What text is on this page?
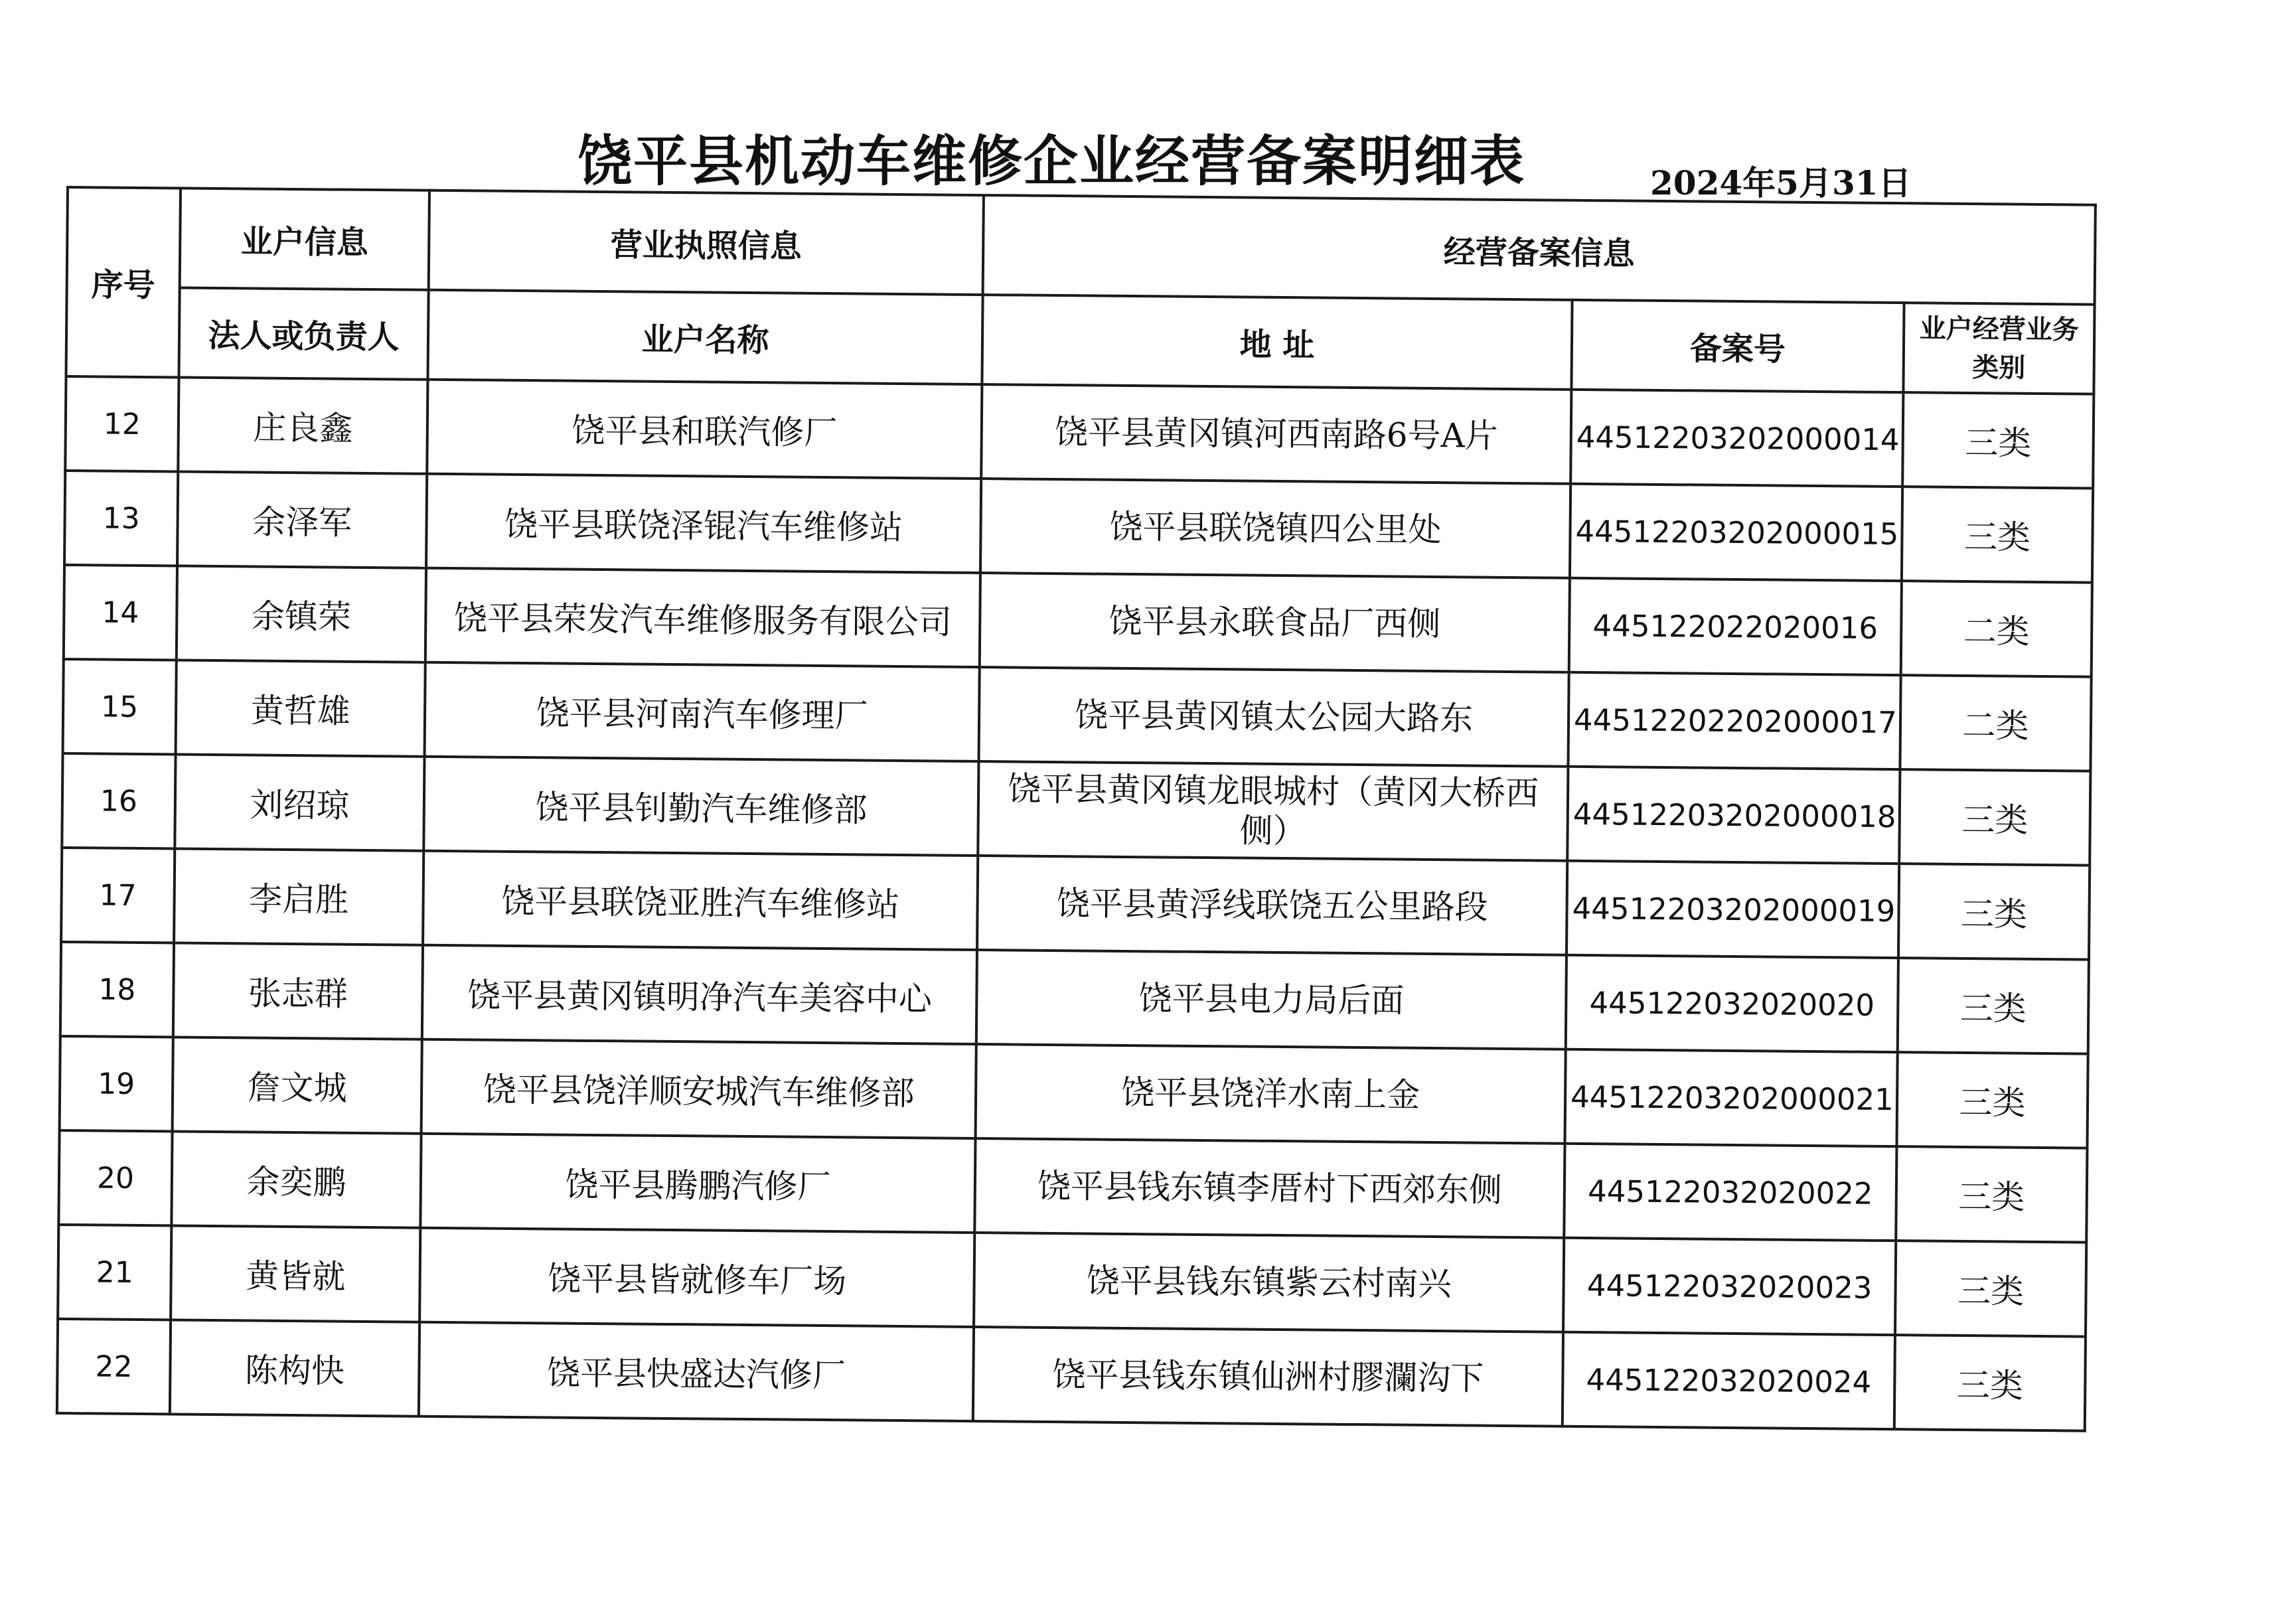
饶平县机动车维修企业经营备案明细表	2024年5月31日
序号	业户信息	营业执照信息	经营备案信息		
	法人或负责人	业户名称	地 址	备案号	业户经营业务类别
12	庄良鑫	饶平县和联汽修厂	饶平县黄冈镇河西南路6号A片	44512203202000014	三类
13	余泽军	饶平县联饶泽锟汽车维修站	饶平县联饶镇四公里处	44512203202000015	三类
14	余镇荣	饶平县荣发汽车维修服务有限公司	饶平县永联食品厂西侧	445122022020016	二类
15	黄哲雄	饶平县河南汽车修理厂	饶平县黄冈镇太公园大路东	44512202202000017	二类
16	刘绍琼	饶平县钊勤汽车维修部	饶平县黄冈镇龙眼城村（黄冈大桥西侧）	44512203202000018	三类
17	李启胜	饶平县联饶亚胜汽车维修站	饶平县黄浮线联饶五公里路段	44512203202000019	三类
18	张志群	饶平县黄冈镇明净汽车美容中心	饶平县电力局后面	445122032020020	三类
19	詹文城	饶平县饶洋顺安城汽车维修部	饶平县饶洋水南上金	44512203202000021	三类
20	余奕鹏	饶平县腾鹏汽修厂	饶平县钱东镇李厝村下西郊东侧	445122032020022	三类
21	黄皆就	饶平县皆就修车厂场	饶平县钱东镇紫云村南兴	445122032020023	三类
22	陈构快	饶平县快盛达汽修厂	饶平县钱东镇仙洲村膠瀾沟下	445122032020024	三类
